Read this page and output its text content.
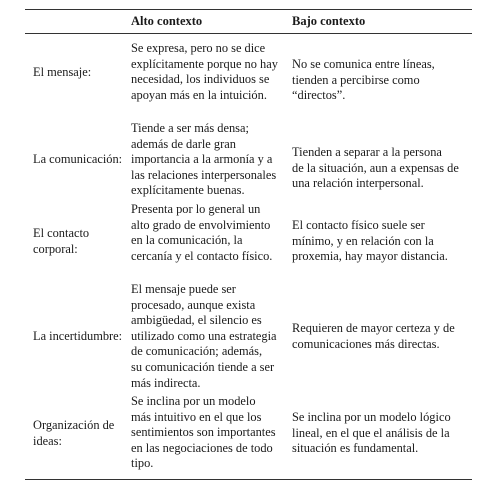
Alto contexto	Bajo contexto
El mensaje:
Se expresa, pero no se dice
explícitamente porque no hay
necesidad, los individuos se
apoyan más en la intuición.
No se comunica entre líneas,
tienden a percibirse como
“directos”.
La comunicación:
Tiende a ser más densa;
además de darle gran
importancia a la armonía y a
las relaciones interpersonales
explícitamente buenas.
Tienden a separar a la persona
de la situación, aun a expensas de
una relación interpersonal.
El contacto
corporal:
Presenta por lo general un
alto grado de envolvimiento
en la comunicación, la
cercanía y el contacto físico.
El contacto físico suele ser
mínimo, y en relación con la
proxemia, hay mayor distancia.
La incertidumbre:
El mensaje puede ser
procesado, aunque exista
ambigüedad, el silencio es
utilizado como una estrategia
de comunicación; además,
su comunicación tiende a ser
más indirecta.
Requieren de mayor certeza y de
comunicaciones más directas.
Organización de
ideas:
Se inclina por un modelo
más intuitivo en el que los
sentimientos son importantes
en las negociaciones de todo
tipo.
Se inclina por un modelo lógico
lineal, en el que el análisis de la
situación es fundamental.
